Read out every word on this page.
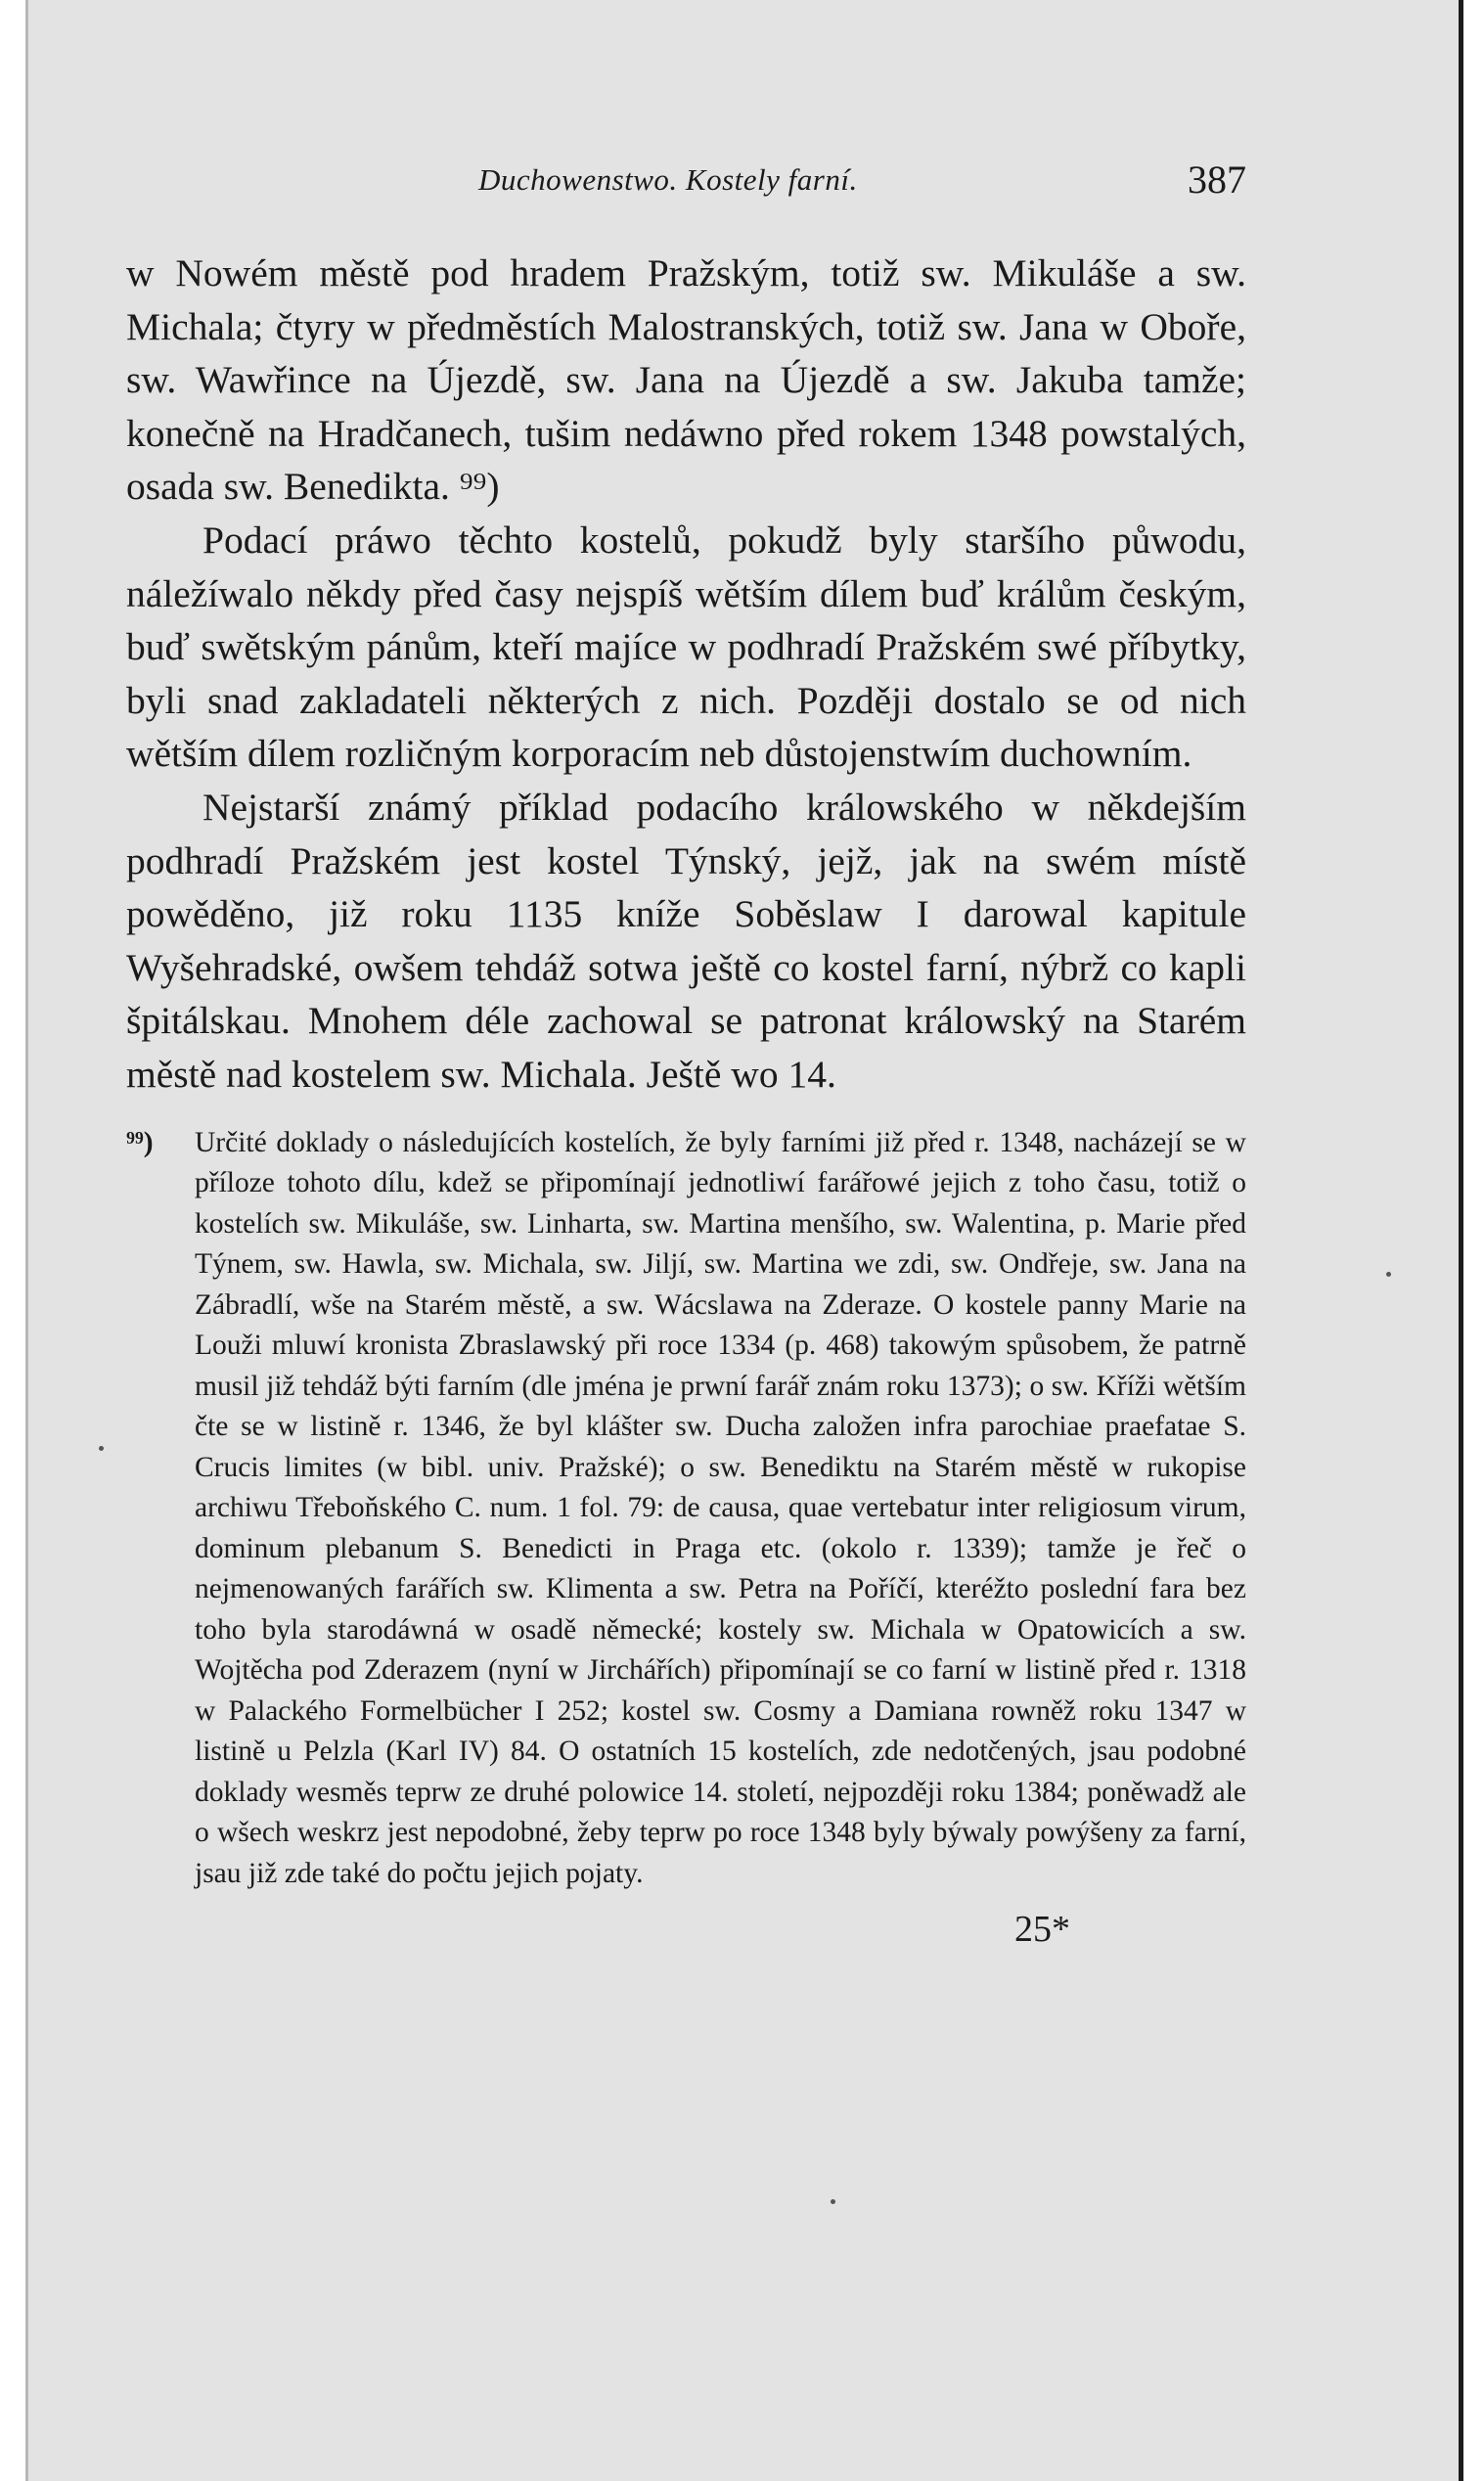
Duchowenstwo. Kostely farní.	387

w Nowém městě pod hradem Pražským, totiž sw. Mikuláše a sw. Michala; čtyry w předměstích Malostranských, totiž sw. Jana w Oboře, sw. Wawřince na Újezdě, sw. Jana na Újezdě a sw. Jakuba tamže; konečně na Hradčanech, tušim nedáwno před rokem 1348 powstalých, osada sw. Benedikta. ⁹⁹)

Podací práwo těchto kostelů, pokudž byly staršího půwodu, náležíwalo někdy před časy nejspíš wětším dílem buď králům českým, buď swětským pánům, kteří majíce w podhradí Pražském swé příbytky, byli snad zakladateli některých z nich. Později dostalo se od nich wětším dílem rozličným korporacím neb důstojenstwím duchowním.

Nejstarší známý příklad podacího králowského w někdejším podhradí Pražském jest kostel Týnský, jejž, jak na swém místě powěděno, již roku 1135 kníže Soběslaw I darowal kapitule Wyšehradské, owšem tehdáž sotwa ještě co kostel farní, nýbrž co kapli špitálskau. Mnohem déle zachowal se patronat králowský na Starém městě nad kostelem sw. Michala. Ještě wo 14.

⁹⁹) Určité doklady o následujících kostelích, že byly farními již před r. 1348, nacházejí se w příloze tohoto dílu, kdež se připomínají jednotliwí farářowé jejich z toho času, totiž o kostelích sw. Mikuláše, sw. Linharta, sw. Martina menšího, sw. Walentina, p. Marie před Týnem, sw. Hawla, sw. Michala, sw. Jiljí, sw. Martina we zdi, sw. Ondřeje, sw. Jana na Zábradlí, wše na Starém městě, a sw. Wácslawa na Zderaze. O kostele panny Marie na Louži mluwí kronista Zbraslawský při roce 1334 (p. 468) takowým spůsobem, že patrně musil již tehdáž býti farním (dle jména je prwní farář znám roku 1373); o sw. Kříži wětším čte se w listině r. 1346, že byl klášter sw. Ducha založen infra parochiae praefatae S. Crucis limites (w bibl. univ. Pražské); o sw. Benediktu na Starém městě w rukopise archiwu Třeboňského C. num. 1 fol. 79: de causa, quae vertebatur inter religiosum virum, dominum plebanum S. Benedicti in Praga etc. (okolo r. 1339); tamže je řeč o nejmenowaných farářích sw. Klimenta a sw. Petra na Poříčí, kteréžto poslední fara bez toho byla starodáwná w osadě německé; kostely sw. Michala w Opatowicích a sw. Wojtěcha pod Zderazem (nyní w Jirchářích) připomínají se co farní w listině před r. 1318 w Palackého Formelbücher I 252; kostel sw. Cosmy a Damiana rowněž roku 1347 w listině u Pelzla (Karl IV) 84. O ostatních 15 kostelích, zde nedotčených, jsau podobné doklady wesměs teprw ze druhé polowice 14. století, nejpozději roku 1384; poněwadž ale o wšech weskrz jest nepodobné, žeby teprw po roce 1348 byly býwaly powýšeny za farní, jsau již zde také do počtu jejich pojaty.
25*
